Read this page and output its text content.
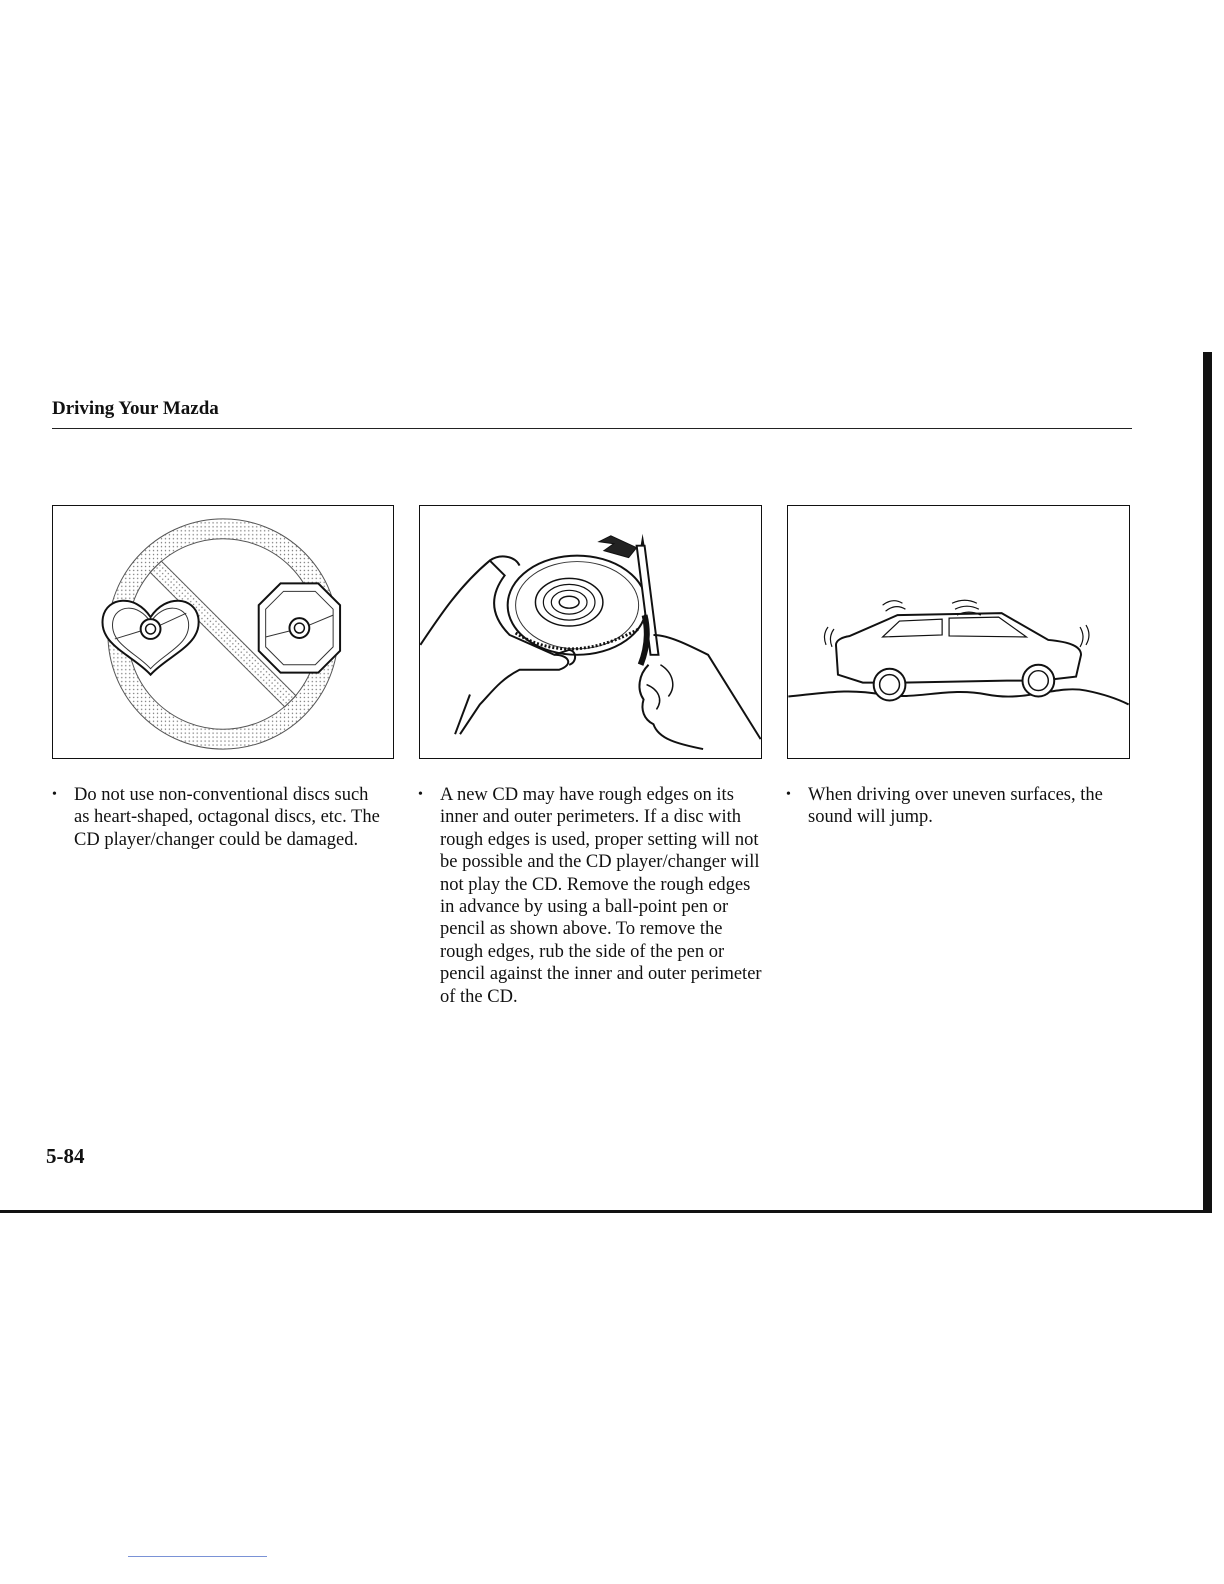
Driving Your Mazda
• Do not use non-conventional discs such as heart-shaped, octagonal discs, etc. The CD player/changer could be damaged.
• A new CD may have rough edges on its inner and outer perimeters. If a disc with rough edges is used, proper setting will not be possible and the CD player/changer will not play the CD. Remove the rough edges in advance by using a ball-point pen or pencil as shown above. To remove the rough edges, rub the side of the pen or pencil against the inner and outer perimeter of the CD.
• When driving over uneven surfaces, the sound will jump.
5-84
